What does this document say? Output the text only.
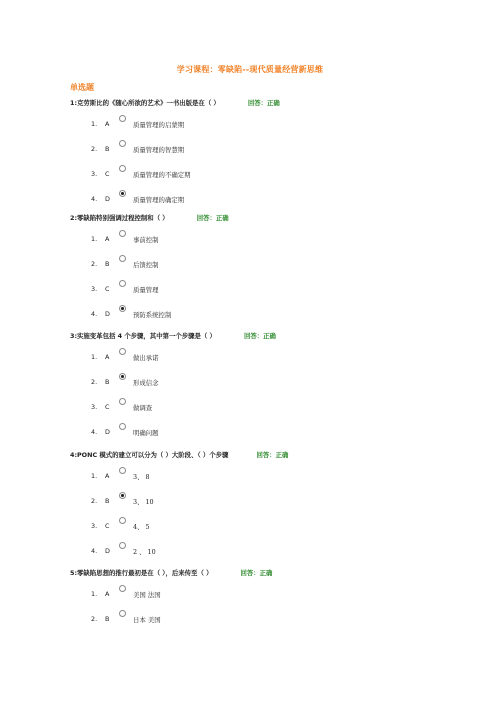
学习课程：零缺陷--现代质量经营新思维
单选题
1:克劳斯比的《随心所欲的艺术》一书出版是在（ ）	回答：正确
1. A	质量管理的启蒙期
2. B	质量管理的智慧期
3. C	质量管理的不确定期
4. D	质量管理的确定期
2:零缺陷特别强调过程控制和（ ）	回答：正确
1. A	事前控制
2. B	后馈控制
3. C	质量管理
4. D	预防系统控制
3:实施变革包括 4 个步骤，其中第一个步骤是（ ）	回答：正确
1. A	做出承诺
2. B	形成信念
3. C	做调查
4. D	明确问题
4:PONC 模式的建立可以分为（ ）大阶段、（ ）个步骤	回答：正确
1. A	3、 8
2. B	3、 10
3. C	4、 5
4. D	2 、 10
5:零缺陷思想的推行最初是在（ ），后来传至（ ）	回答：正确
1. A	美国 法国
2. B	日本 美国
